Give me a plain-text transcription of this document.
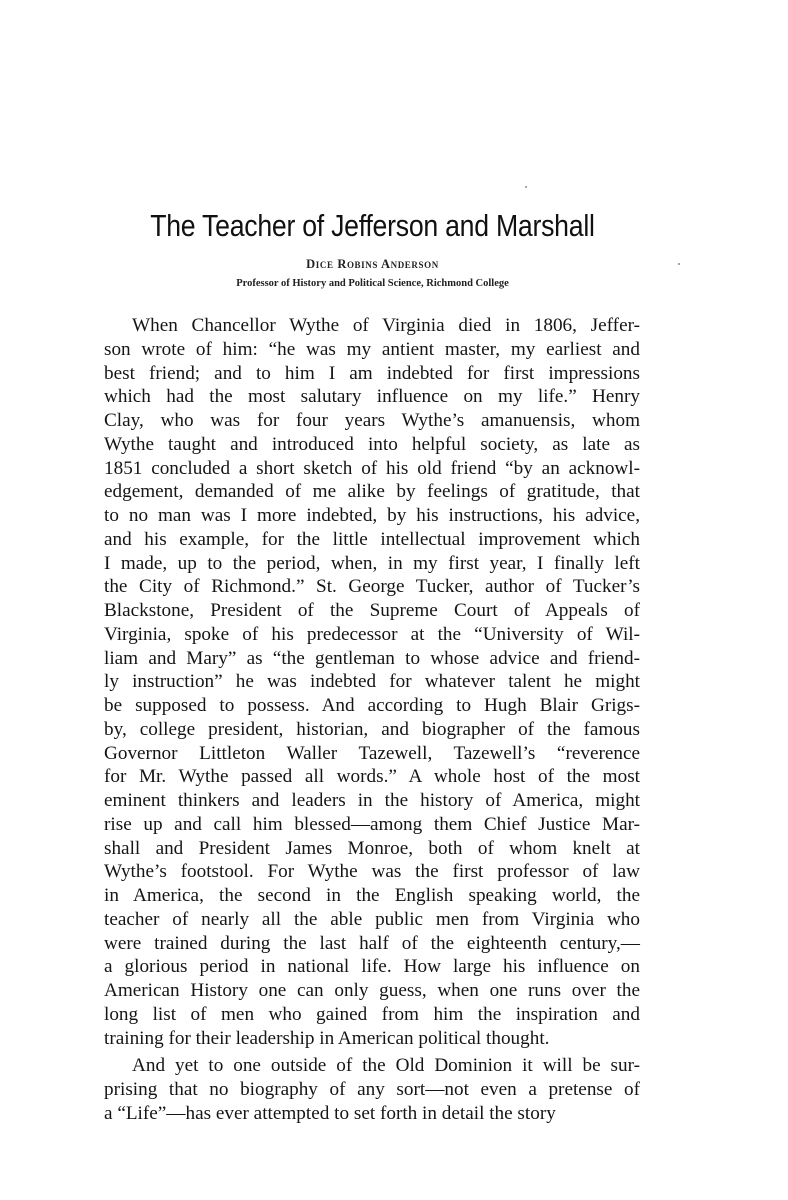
The Teacher of Jefferson and Marshall
Dice Robins Anderson
Professor of History and Political Science, Richmond College
When Chancellor Wythe of Virginia died in 1806, Jeffer-
son wrote of him: “he was my antient master, my earliest and
best friend; and to him I am indebted for first impressions
which had the most salutary influence on my life.” Henry
Clay, who was for four years Wythe’s amanuensis, whom
Wythe taught and introduced into helpful society, as late as
1851 concluded a short sketch of his old friend “by an acknowl-
edgement, demanded of me alike by feelings of gratitude, that
to no man was I more indebted, by his instructions, his advice,
and his example, for the little intellectual improvement which
I made, up to the period, when, in my first year, I finally left
the City of Richmond.” St. George Tucker, author of Tucker’s
Blackstone, President of the Supreme Court of Appeals of
Virginia, spoke of his predecessor at the “University of Wil-
liam and Mary” as “the gentleman to whose advice and friend-
ly instruction” he was indebted for whatever talent he might
be supposed to possess. And according to Hugh Blair Grigs-
by, college president, historian, and biographer of the famous
Governor Littleton Waller Tazewell, Tazewell’s “reverence
for Mr. Wythe passed all words.” A whole host of the most
eminent thinkers and leaders in the history of America, might
rise up and call him blessed—among them Chief Justice Mar-
shall and President James Monroe, both of whom knelt at
Wythe’s footstool. For Wythe was the first professor of law
in America, the second in the English speaking world, the
teacher of nearly all the able public men from Virginia who
were trained during the last half of the eighteenth century,—
a glorious period in national life. How large his influence on
American History one can only guess, when one runs over the
long list of men who gained from him the inspiration and
training for their leadership in American political thought.
And yet to one outside of the Old Dominion it will be sur-
prising that no biography of any sort—not even a pretense of
a “Life”—has ever attempted to set forth in detail the story
